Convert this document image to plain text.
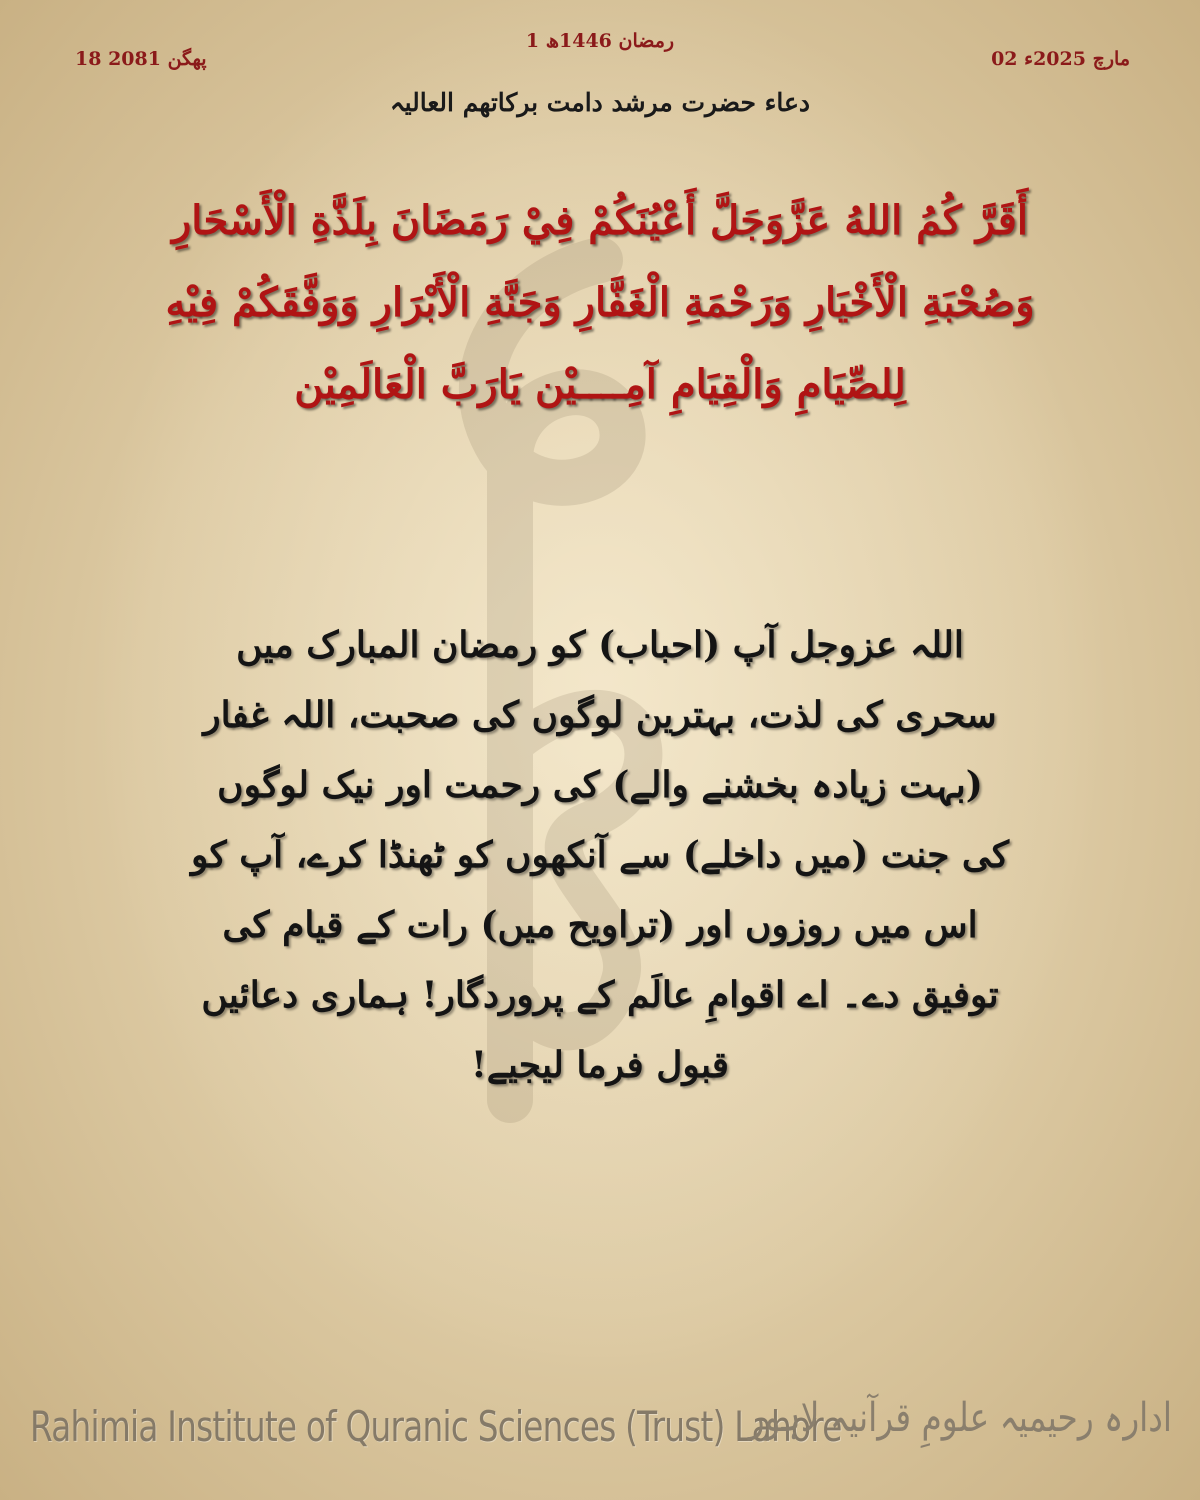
1 رمضان 1446ھ
02 مارچ 2025ء
18 پھگن 2081
دعاء حضرت مرشد دامت برکاتھم العالیہ
أَقَرَّ كُمُ اللهُ عَزَّوَجَلَّ أَعْيُنَكُمْ فِيْ رَمَضَانَ بِلَذَّةِ الْأَسْحَارِ وَصُحْبَةِ الْأَخْيَارِ وَرَحْمَةِ الْغَفَّارِ وَجَنَّةِ الْأَبْرَارِ وَوَفَّقَكُمْ فِيْهِ لِلصِّيَامِ وَالْقِيَامِ آمِــــيْن يَارَبَّ الْعَالَمِيْن
اللہ عزوجل آپ (احباب) کو رمضان المبارک میں سحری کی لذت، بہترین لوگوں کی صحبت، اللہ غفار (بہت زیادہ بخشنے والے) کی رحمت اور نیک لوگوں کی جنت (میں داخلے) سے آنکھوں کو ٹھنڈا کرے، آپ کو اس میں روزوں اور (تراویح میں) رات کے قیام کی توفیق دے۔ اے اقوامِ عالَم کے پروردگار! ہماری دعائیں قبول فرما لیجیے!
Rahimia Institute of Quranic Sciences (Trust) Lahore
ادارہ رحیمیہ علومِ قرآنیہ لاہور
